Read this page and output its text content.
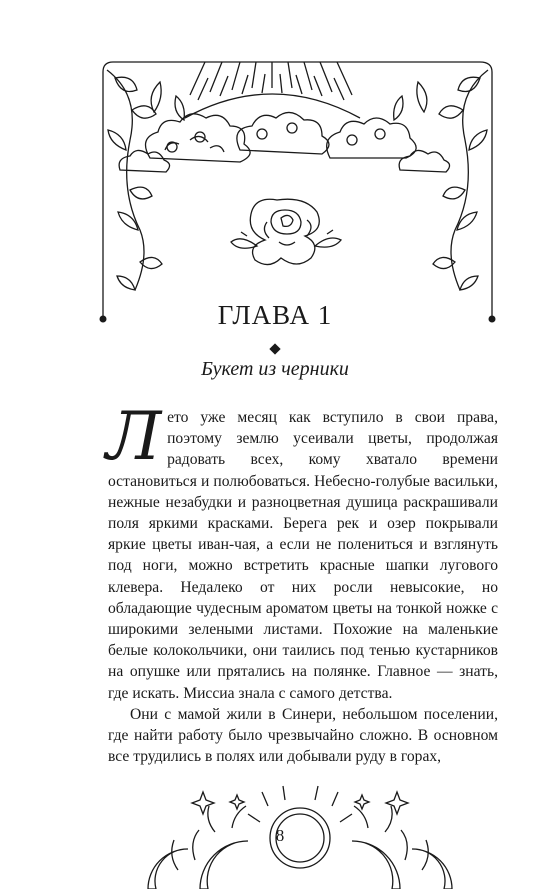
ГЛАВА 1
Букет из черники

Лето уже месяц как вступило в свои права, поэтому землю усеивали цветы, продолжая радовать всех, кому хватало времени остановиться и полюбоваться. Небесно-голубые васильки, нежные незабудки и разноцветная душица раскрашивали поля яркими красками. Берега рек и озер покрывали яркие цветы иван-чая, а если не полениться и взглянуть под ноги, можно встретить красные шапки лугового клевера. Недалеко от них росли невысокие, но обладающие чудесным ароматом цветы на тонкой ножке с широкими зелеными листами. Похожие на маленькие белые колокольчики, они таились под тенью кустарников на опушке или прятались на полянке. Главное — знать, где искать. Миссиа знала с самого детства.

Они с мамой жили в Синери, небольшом поселении, где найти работу было чрезвычайно сложно. В основном все трудились в полях или добывали руду в горах,

8
